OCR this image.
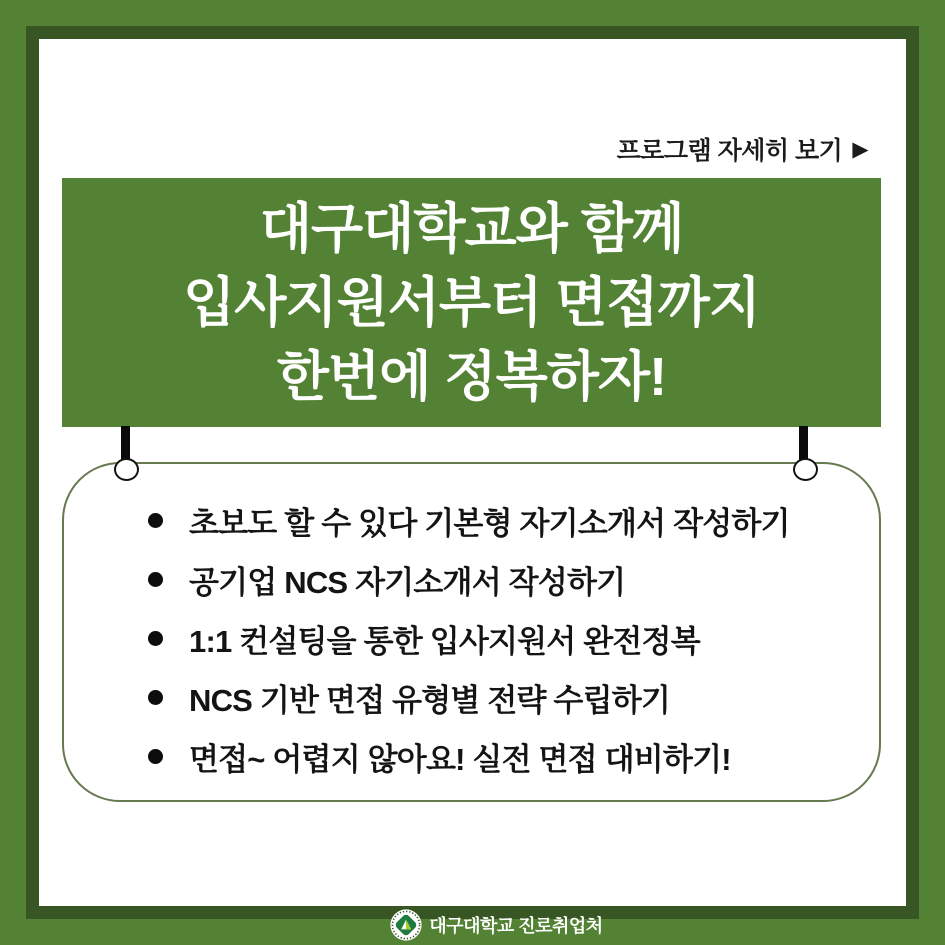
프로그램 자세히 보기 ▶
대구대학교와 함께
입사지원서부터 면접까지
한번에 정복하자!
초보도 할 수 있다 기본형 자기소개서 작성하기
공기업 NCS 자기소개서 작성하기
1:1 컨설팅을 통한 입사지원서 완전정복
NCS 기반 면접 유형별 전략 수립하기
면접~ 어렵지 않아요! 실전 면접 대비하기!
대구대학교 진로취업처
